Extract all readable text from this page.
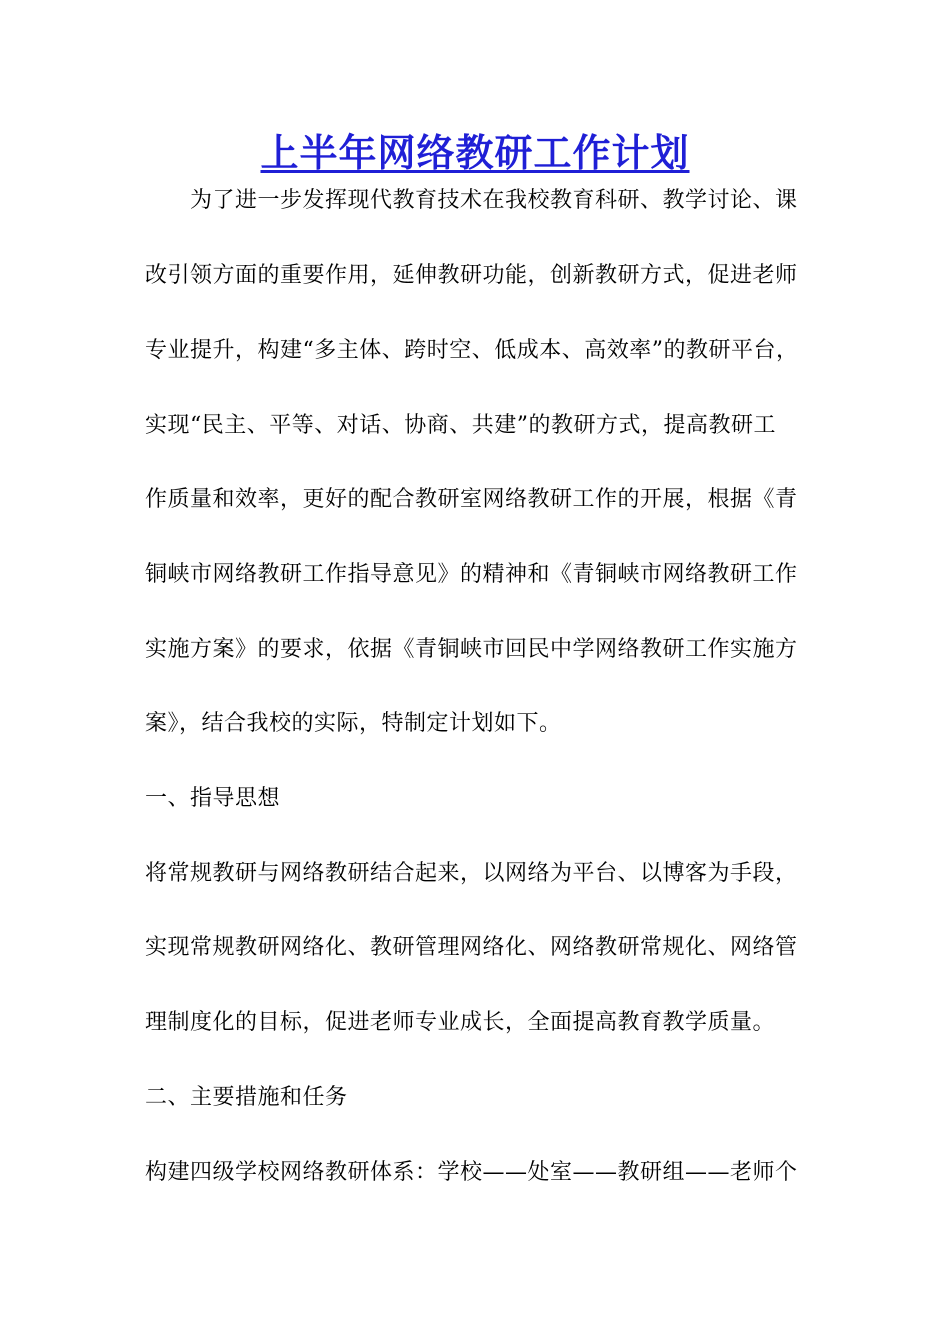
上半年网络教研工作计划
为了进一步发挥现代教育技术在我校教育科研、教学讨论、课
改引领方面的重要作用，延伸教研功能，创新教研方式，促进老师
专业提升，构建“多主体、跨时空、低成本、高效率”的教研平台，
实现“民主、平等、对话、协商、共建”的教研方式，提高教研工
作质量和效率，更好的配合教研室网络教研工作的开展，根据《青
铜峡市网络教研工作指导意见》的精神和《青铜峡市网络教研工作
实施方案》的要求，依据《青铜峡市回民中学网络教研工作实施方
案》，结合我校的实际，特制定计划如下。
一、指导思想
将常规教研与网络教研结合起来，以网络为平台、以博客为手段，
实现常规教研网络化、教研管理网络化、网络教研常规化、网络管
理制度化的目标，促进老师专业成长，全面提高教育教学质量。
二、主要措施和任务
构建四级学校网络教研体系：学校——处室——教研组——老师个
